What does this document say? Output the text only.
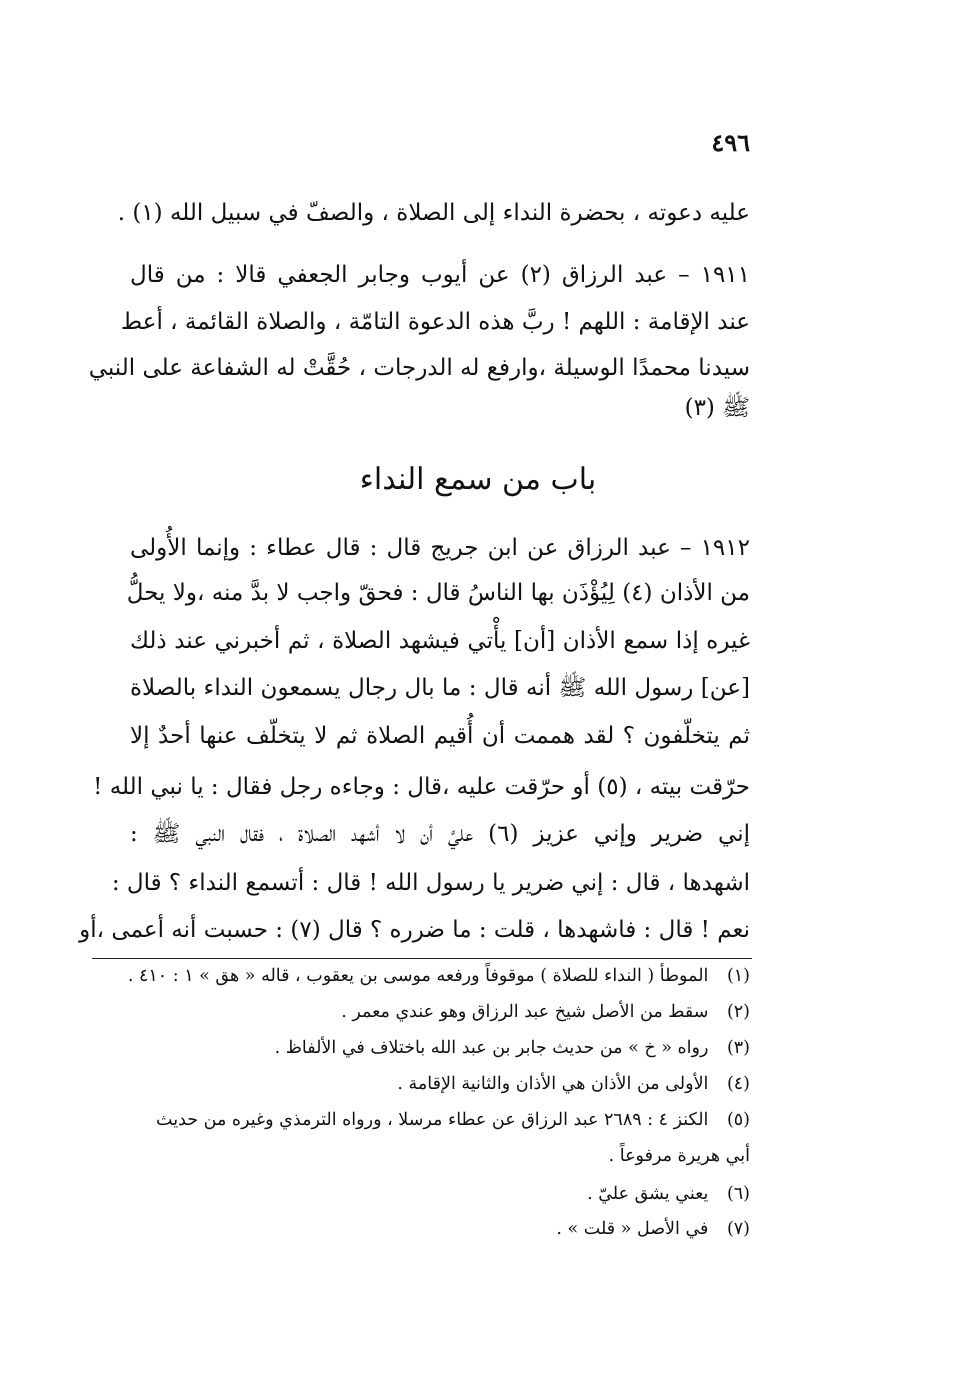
٤٩٦
عليه دعوته ، بحضرة النداء إلى الصلاة ، والصفّ في سبيل الله (١) .
١٩١١ – عبد الرزاق (٢) عن أيوب وجابر الجعفي قالا : من قال
عند الإقامة : اللهم ! ربَّ هذه الدعوة التامّة ، والصلاة القائمة ، أعط
سيدنا محمدًا الوسيلة ،وارفع له الدرجات ، حُقَّتْ له الشفاعة على النبي
ﷺ (٣)
باب من سمع النداء
١٩١٢ – عبد الرزاق عن ابن جريج قال : قال عطاء : وإنما الأُولى
من الأذان (٤) لِيُؤْذَن بها الناسُ قال : فحقّ واجب لا بدَّ منه ،ولا يحلُّ
غيره إذا سمع الأذان [أن] يأْتي فيشهد الصلاة ، ثم أخبرني عند ذلك
[عن] رسول الله ﷺ أنه قال : ما بال رجال يسمعون النداء بالصلاة
ثم يتخلّفون ؟ لقد هممت أن أُقيم الصلاة ثم لا يتخلّف عنها أحدٌ إلا
حرّقت بيته ، (٥) أو حرّقت عليه ،قال : وجاءه رجل فقال : يا نبي الله !
إني ضرير وإني عزيز (٦) عليَّ أن لا أشهد الصلاة ، فقال النبي ﷺ :
اشهدها ، قال : إني ضرير يا رسول الله ! قال : أتسمع النداء ؟ قال :
نعم ! قال : فاشهدها ، قلت : ما ضرره ؟ قال (٧) : حسبت أنه أعمى ،أو
(١) الموطأ ( النداء للصلاة ) موقوفاً ورفعه موسى بن يعقوب ، قاله « هق » ١ : ٤١٠ .
(٢) سقط من الأصل شيخ عبد الرزاق وهو عندي معمر .
(٣) رواه « خ » من حديث جابر بن عبد الله باختلاف في الألفاظ .
(٤) الأولى من الأذان هي الأذان والثانية الإقامة .
(٥) الكنز ٤ : ٢٦٨٩ عبد الرزاق عن عطاء مرسلا ، ورواه الترمذي وغيره من حديث
أبي هريرة مرفوعاً .
(٦) يعني يشق عليّ .
(٧) في الأصل « قلت » .
